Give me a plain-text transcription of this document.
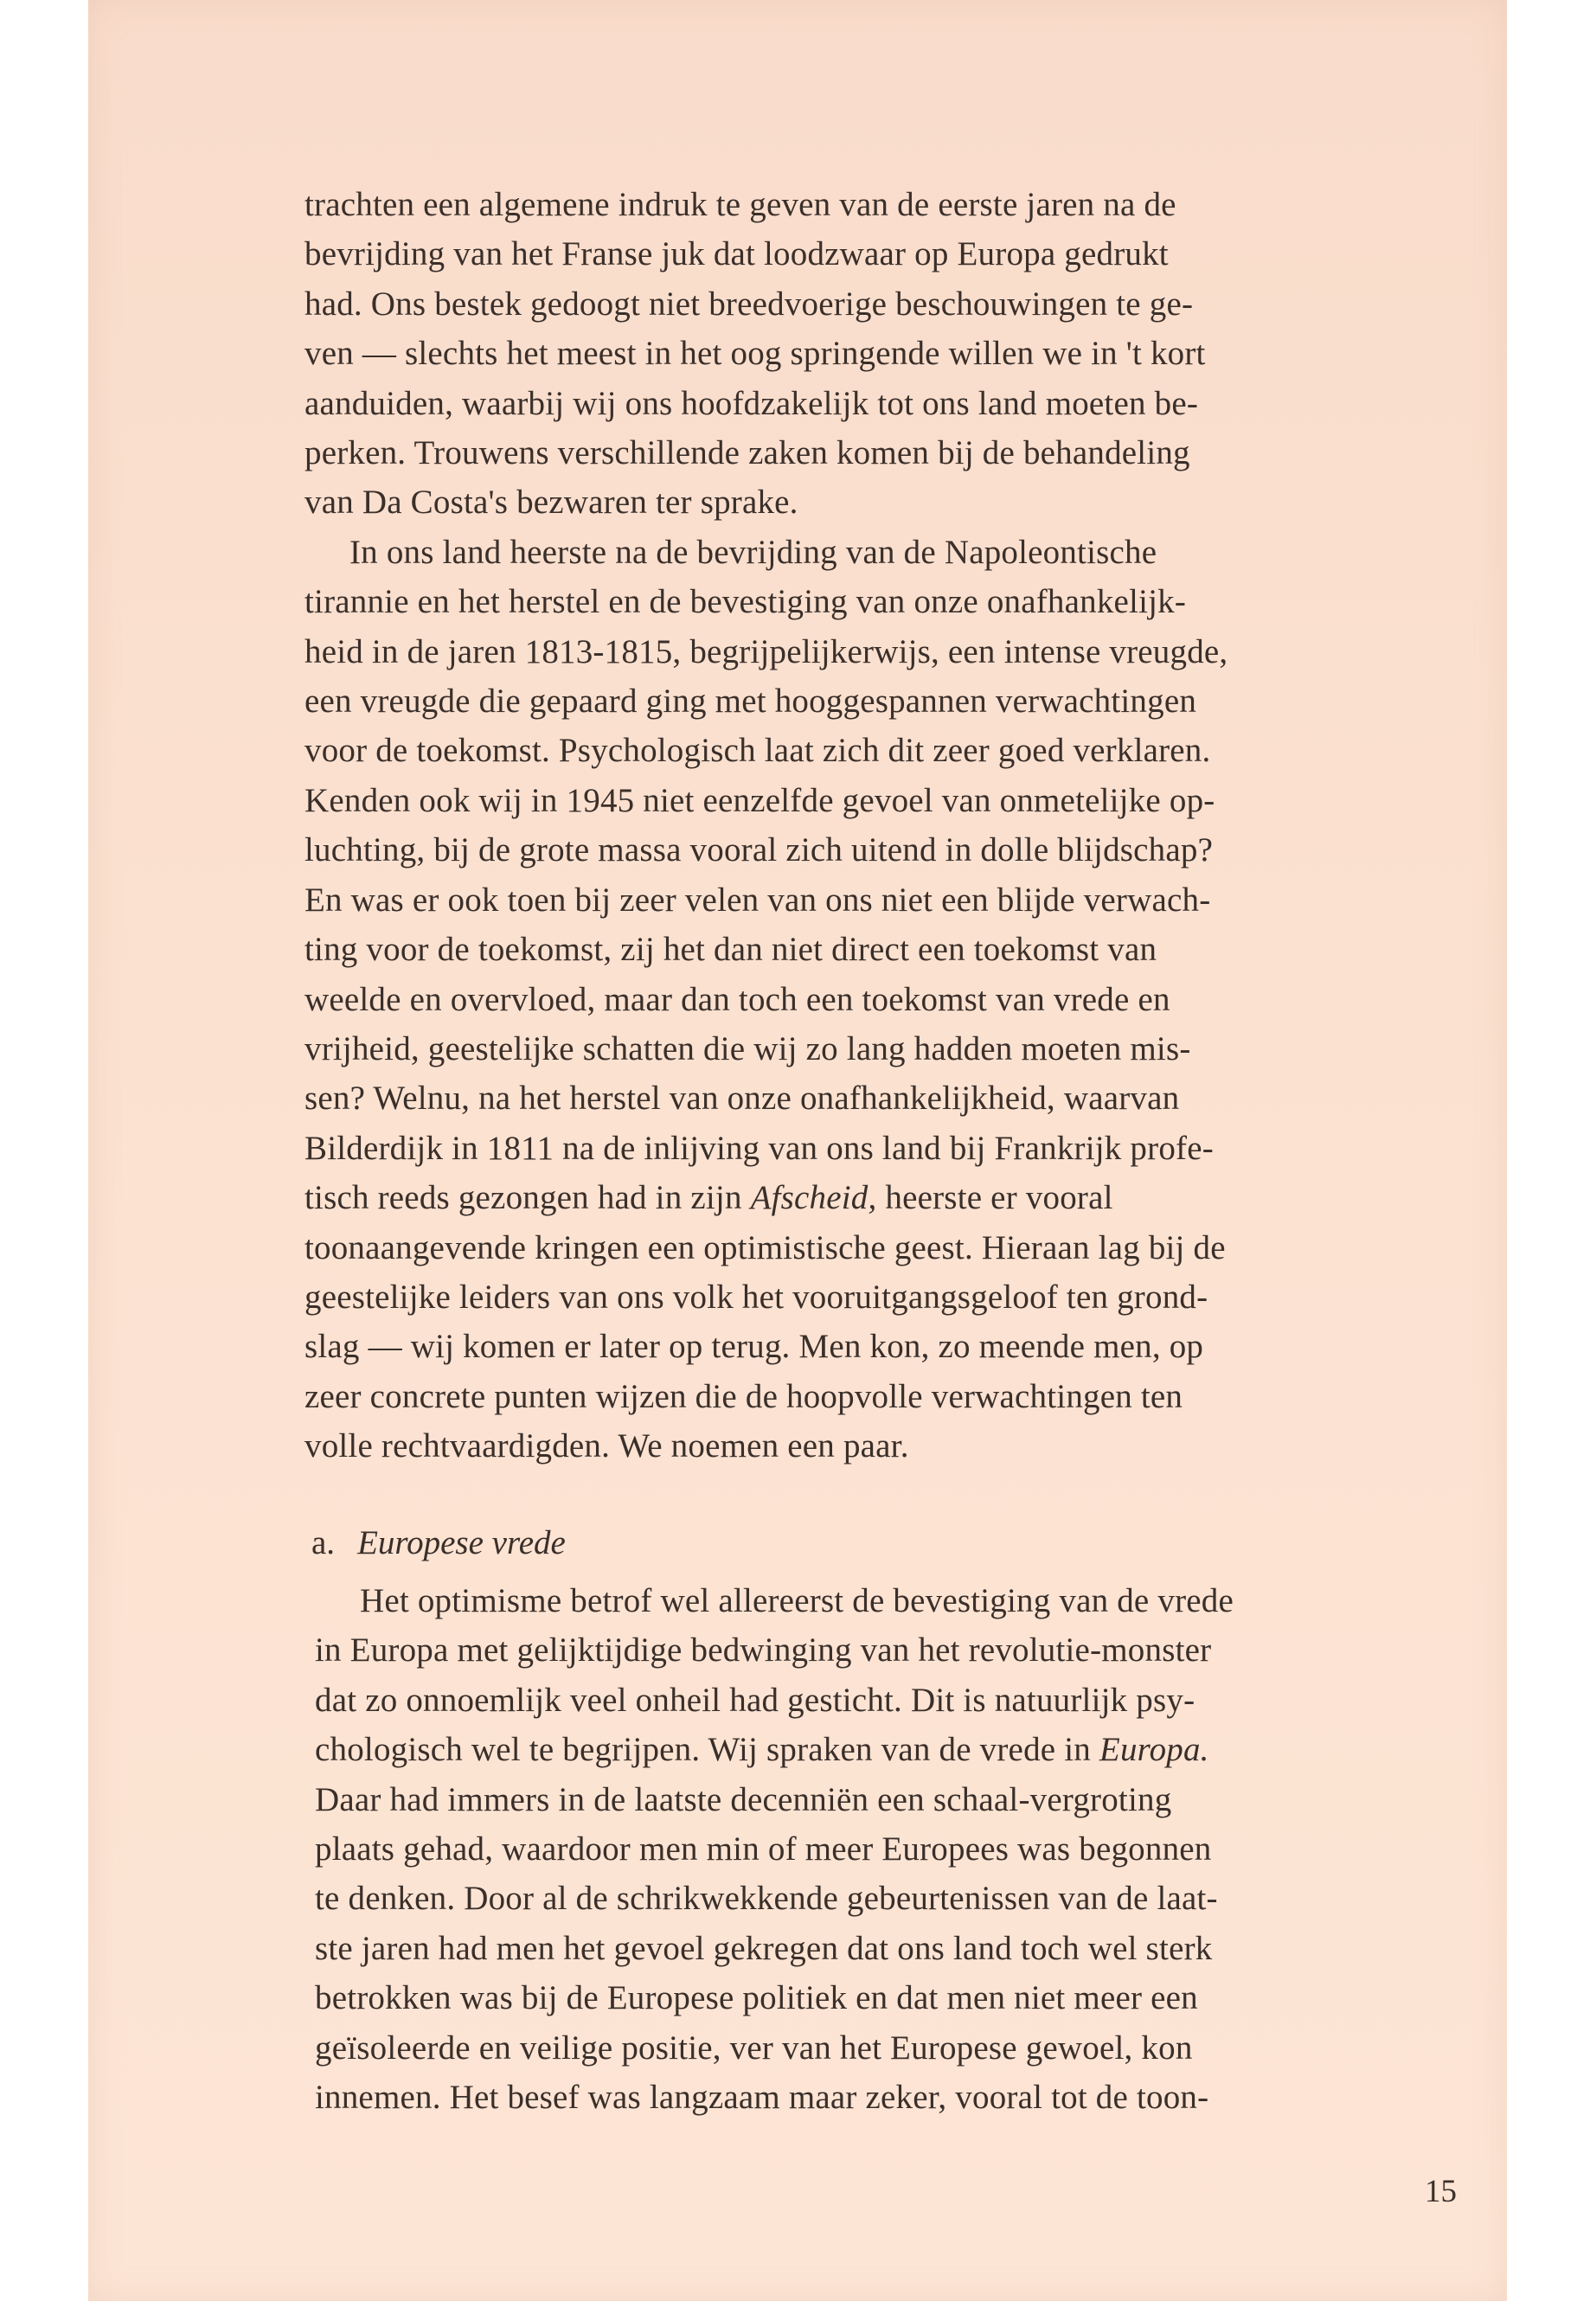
trachten een algemene indruk te geven van de eerste jaren na de
bevrijding van het Franse juk dat loodzwaar op Europa gedrukt
had. Ons bestek gedoogt niet breedvoerige beschouwingen te ge-
ven — slechts het meest in het oog springende willen we in 't kort
aanduiden, waarbij wij ons hoofdzakelijk tot ons land moeten be-
perken. Trouwens verschillende zaken komen bij de behandeling
van Da Costa's bezwaren ter sprake.

In ons land heerste na de bevrijding van de Napoleontische
tirannie en het herstel en de bevestiging van onze onafhankelijk-
heid in de jaren 1813-1815, begrijpelijkerwijs, een intense vreugde,
een vreugde die gepaard ging met hooggespannen verwachtingen
voor de toekomst. Psychologisch laat zich dit zeer goed verklaren.
Kenden ook wij in 1945 niet eenzelfde gevoel van onmetelijke op-
luchting, bij de grote massa vooral zich uitend in dolle blijdschap?
En was er ook toen bij zeer velen van ons niet een blijde verwach-
ting voor de toekomst, zij het dan niet direct een toekomst van
weelde en overvloed, maar dan toch een toekomst van vrede en
vrijheid, geestelijke schatten die wij zo lang hadden moeten mis-
sen? Welnu, na het herstel van onze onafhankelijkheid, waarvan
Bilderdijk in 1811 na de inlijving van ons land bij Frankrijk profe-
tisch reeds gezongen had in zijn Afscheid, heerste er vooral
toonaangevende kringen een optimistische geest. Hieraan lag bij de
geestelijke leiders van ons volk het vooruitgangsgeloof ten grond-
slag — wij komen er later op terug. Men kon, zo meende men, op
zeer concrete punten wijzen die de hoopvolle verwachtingen ten
volle rechtvaardigden. We noemen een paar.

a. Europese vrede

Het optimisme betrof wel allereerst de bevestiging van de vrede
in Europa met gelijktijdige bedwinging van het revolutie-monster
dat zo onnoemlijk veel onheil had gesticht. Dit is natuurlijk psy-
chologisch wel te begrijpen. Wij spraken van de vrede in Europa.
Daar had immers in de laatste decenniën een schaal-vergroting
plaats gehad, waardoor men min of meer Europees was begonnen
te denken. Door al de schrikwekkende gebeurtenissen van de laat-
ste jaren had men het gevoel gekregen dat ons land toch wel sterk
betrokken was bij de Europese politiek en dat men niet meer een
geïsoleerde en veilige positie, ver van het Europese gewoel, kon
innemen. Het besef was langzaam maar zeker, vooral tot de toon-

15
